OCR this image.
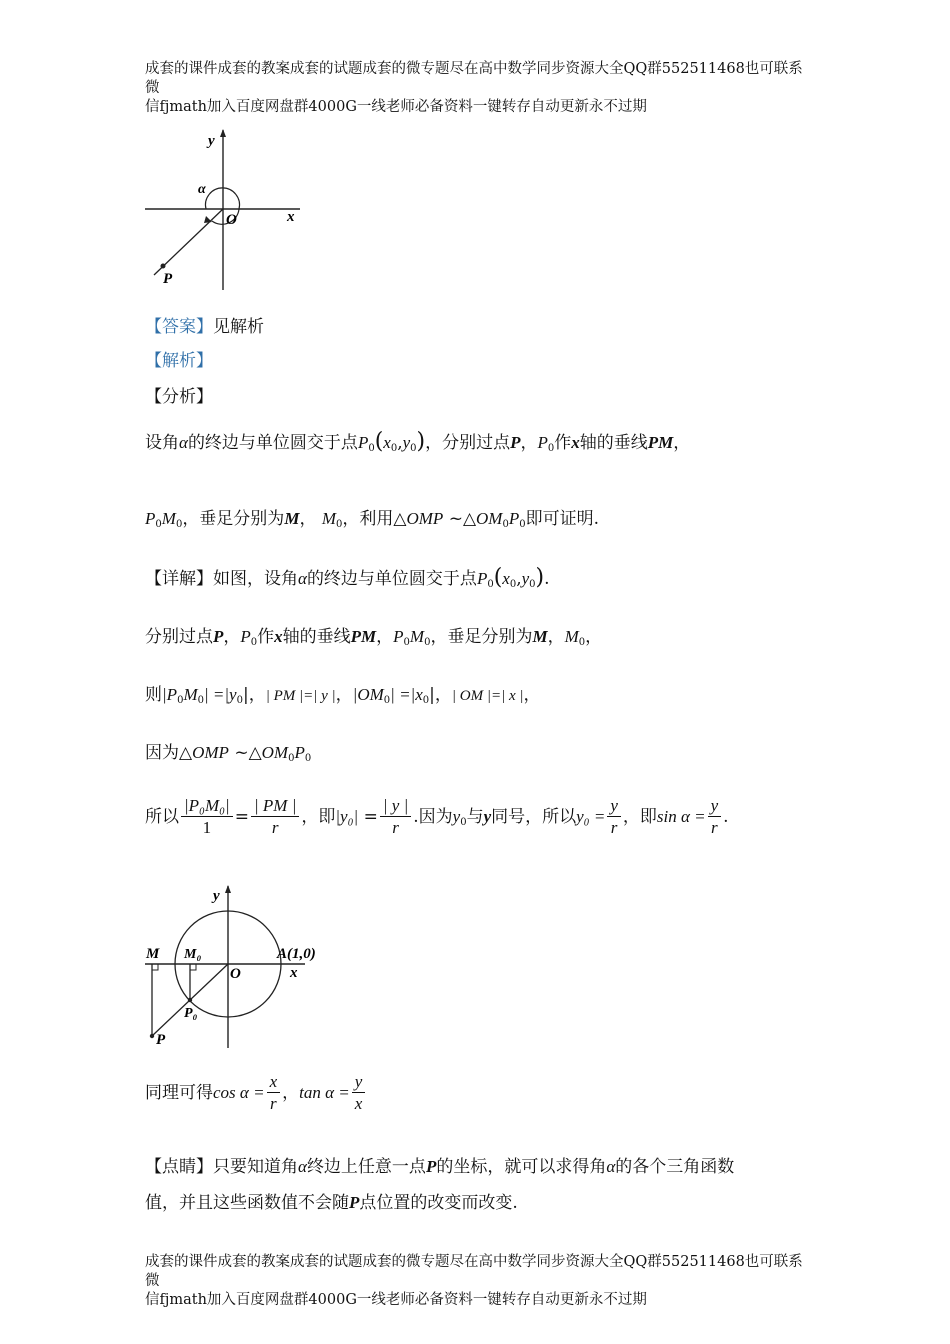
成套的课件成套的教案成套的试题成套的微专题尽在高中数学同步资源大全QQ群552511468也可联系微
信fjmath加入百度网盘群4000G一线老师必备资料一键转存自动更新永不过期
y
x
O
α
P
【答案】见解析
【解析】
【分析】
设角α的终边与单位圆交于点$P_0(x_0,y_0)$，分别过点P，$P_0$作x轴的垂线PM，
$P_0M_0$，垂足分别为M， $M_0$，利用△OMP $\sim\triangle OM_0P_0$即可证明.
【详解】如图，设角α的终边与单位圆交于点$P_0(x_0,y_0)$.
分别过点P，$P_0$作x轴的垂线PM，$P_0M_0$，垂足分别为M，$M_0$，
则$|P_0M_0| =|y_0|$，| PM |=| y |，$|OM_0| =|x_0|$，| OM |=| x |，
因为△OMP $\sim\triangle OM_0P_0$
所以 $\frac{\text{|P₀M₀|}}{1} = \frac{| PM |}{r}$ ，即$|y_0| = \frac{| y |}{r}$ .因为$y_0$与y同号，所以$y_0 = \frac{y}{r}$ ，即$\sin \alpha = \frac{y}{r}$ .
y
x
O
M M₀	A(1,0)
P₀
P
同理可得$\cos \alpha = \frac{x}{r}$ ，$\tan \alpha = \frac{y}{x}$
【点睛】只要知道角α终边上任意一点P的坐标，就可以求得角α的各个三角函数
值，并且这些函数值不会随P点位置的改变而改变.
成套的课件成套的教案成套的试题成套的微专题尽在高中数学同步资源大全QQ群552511468也可联系微
信fjmath加入百度网盘群4000G一线老师必备资料一键转存自动更新永不过期
